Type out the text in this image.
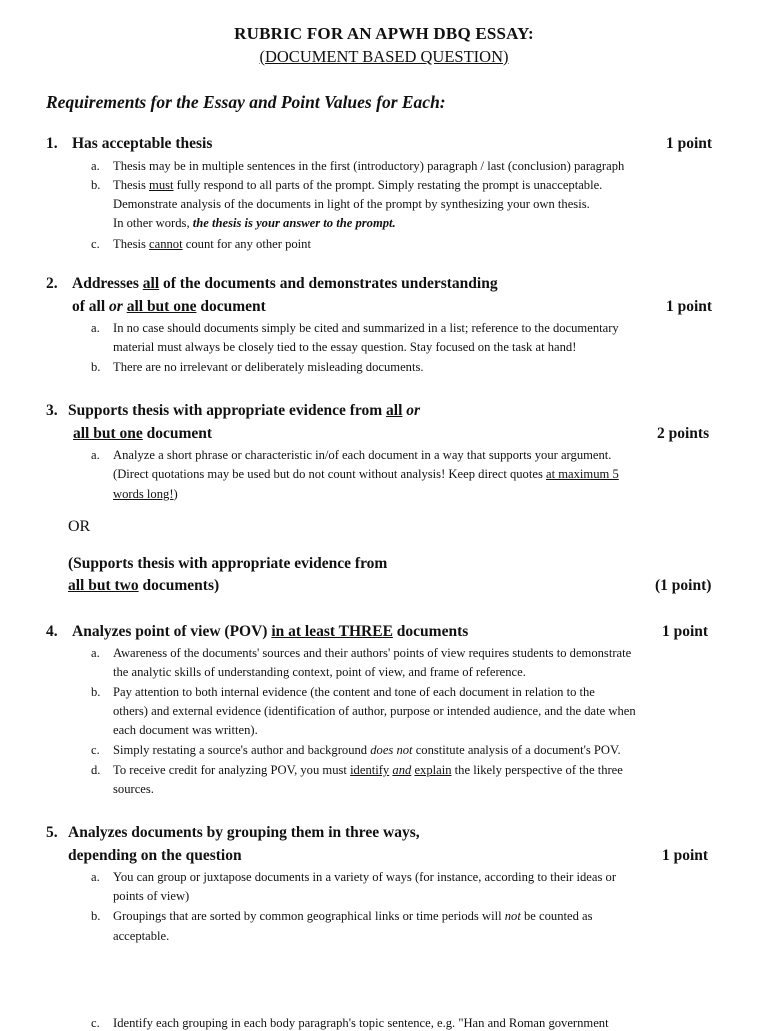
RUBRIC FOR AN APWH DBQ ESSAY:
(DOCUMENT BASED QUESTION)
Requirements for the Essay and Point Values for Each:
1. Has acceptable thesis	1 point
a. Thesis may be in multiple sentences in the first (introductory) paragraph / last (conclusion) paragraph
b. Thesis must fully respond to all parts of the prompt. Simply restating the prompt is unacceptable.
Demonstrate analysis of the documents in light of the prompt by synthesizing your own thesis.
In other words, the thesis is your answer to the prompt.
c. Thesis cannot count for any other point
2. Addresses all of the documents and demonstrates understanding
of all or all but one document	1 point
a. In no case should documents simply be cited and summarized in a list; reference to the documentary
material must always be closely tied to the essay question. Stay focused on the task at hand!
b. There are no irrelevant or deliberately misleading documents.
3. Supports thesis with appropriate evidence from all or
all but one document	2 points
a. Analyze a short phrase or characteristic in/of each document in a way that supports your argument.
(Direct quotations may be used but do not count without analysis! Keep direct quotes at maximum 5
words long!)
OR
(Supports thesis with appropriate evidence from
all but two documents)	(1 point)
4. Analyzes point of view (POV) in at least THREE documents	1 point
a. Awareness of the documents' sources and their authors' points of view requires students to demonstrate
the analytic skills of understanding context, point of view, and frame of reference.
b. Pay attention to both internal evidence (the content and tone of each document in relation to the
others) and external evidence (identification of author, purpose or intended audience, and the date when
each document was written).
c. Simply restating a source's author and background does not constitute analysis of a document's POV.
d. To receive credit for analyzing POV, you must identify and explain the likely perspective of the three
sources.
5. Analyzes documents by grouping them in three ways,
depending on the question	1 point
a. You can group or juxtapose documents in a variety of ways (for instance, according to their ideas or
points of view)
b. Groupings that are sorted by common geographical links or time periods will not be counted as
acceptable.
c. Identify each grouping in each body paragraph's topic sentence, e.g. "Han and Roman government
